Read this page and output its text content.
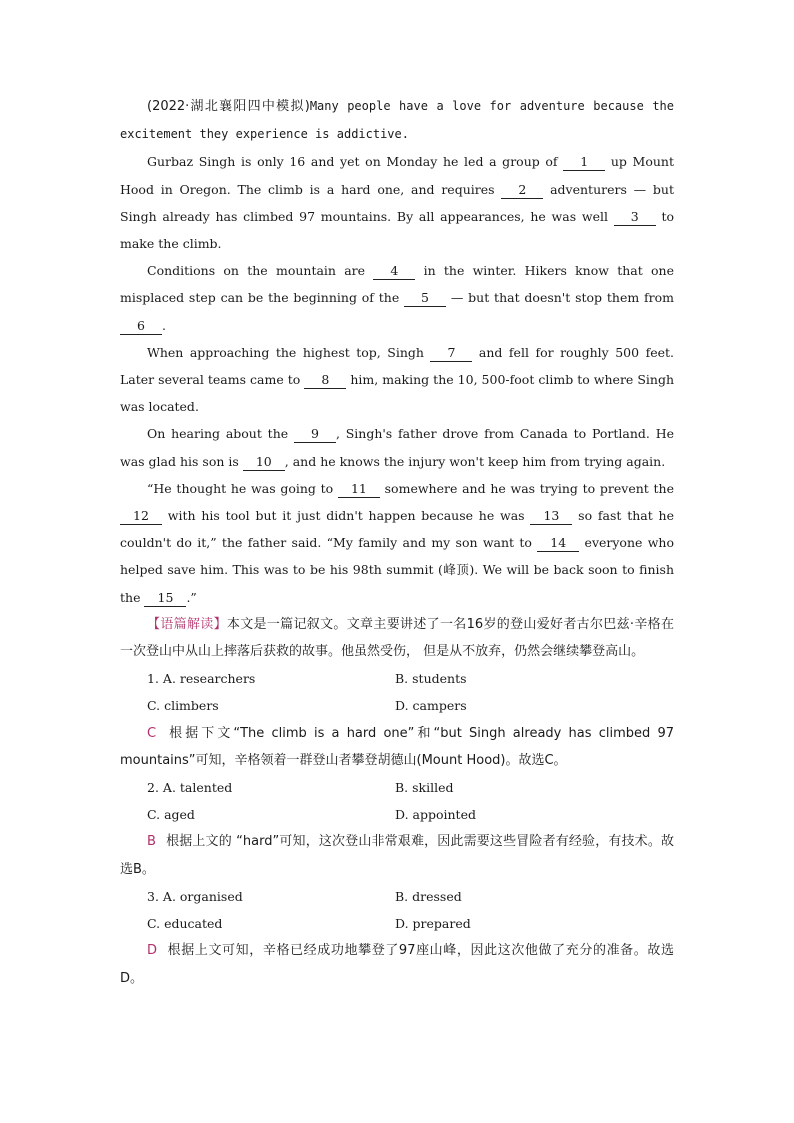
(2022·湖北襄阳四中模拟)Many people have a love for adventure because the excitement they experience is addictive.

Gurbaz Singh is only 16 and yet on Monday he led a group of 1 up Mount Hood in Oregon. The climb is a hard one, and requires 2 adventurers — but Singh already has climbed 97 mountains. By all appearances, he was well 3 to make the climb.

Conditions on the mountain are 4 in the winter. Hikers know that one misplaced step can be the beginning of the 5 — but that doesn't stop them from 6 .

When approaching the highest top, Singh 7 and fell for roughly 500 feet. Later several teams came to 8 him, making the 10, 500-foot climb to where Singh was located.

On hearing about the 9 , Singh's father drove from Canada to Portland. He was glad his son is 10 , and he knows the injury won't keep him from trying again.

“He thought he was going to 11 somewhere and he was trying to prevent the 12 with his tool but it just didn't happen because he was 13 so fast that he couldn't do it,” the father said. “My family and my son want to 14 everyone who helped save him. This was to be his 98th summit (峰顶). We will be back soon to finish the 15 .”

【语篇解读】本文是一篇记叙文。文章主要讲述了一名16岁的登山爱好者古尔巴兹·辛格在一次登山中从山上摔落后获救的故事。他虽然受伤， 但是从不放弃，仍然会继续攀登高山。

1. A. researchers	B. students
C. climbers	D. campers

C 根据下文“The climb is a hard one”和“but Singh already has climbed 97 mountains”可知，辛格领着一群登山者攀登胡德山(Mount Hood)。故选C。

2. A. talented	B. skilled
C. aged	D. appointed

B 根据上文的 “hard”可知，这次登山非常艰难，因此需要这些冒险者有经验，有技术。故选B。

3. A. organised	B. dressed
C. educated	D. prepared

D 根据上文可知，辛格已经成功地攀登了97座山峰，因此这次他做了充分的准备。故选D。
